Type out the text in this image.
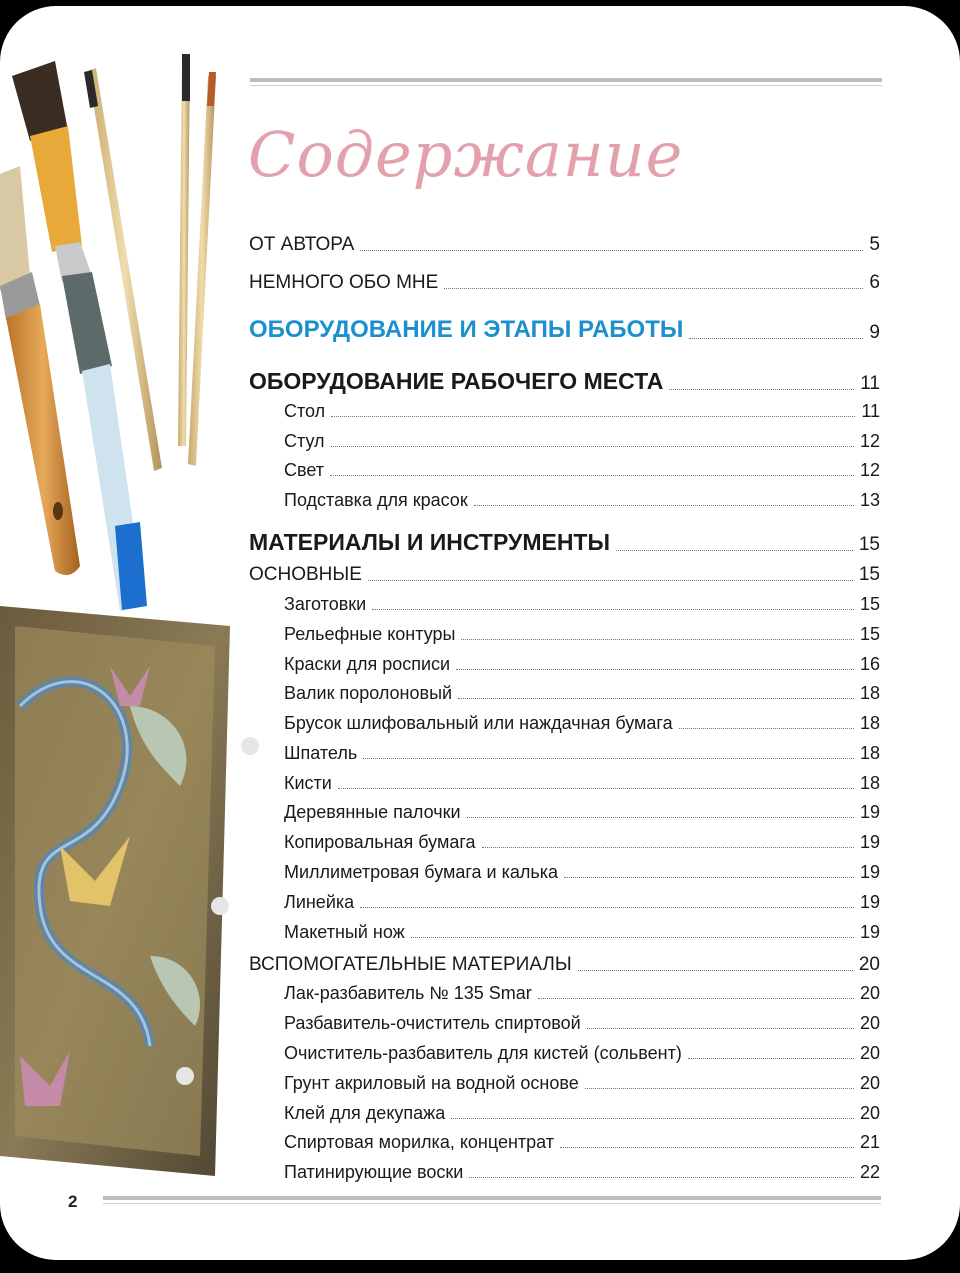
Содержание
ОТ АВТОРА	5
НЕМНОГО ОБО МНЕ	6
ОБОРУДОВАНИЕ И ЭТАПЫ РАБОТЫ	9
ОБОРУДОВАНИЕ РАБОЧЕГО МЕСТА	11
Стол	11
Стул	12
Свет	12
Подставка для красок	13
МАТЕРИАЛЫ И ИНСТРУМЕНТЫ	15
ОСНОВНЫЕ	15
Заготовки	15
Рельефные контуры	15
Краски для росписи	16
Валик поролоновый	18
Брусок шлифовальный или наждачная бумага	18
Шпатель	18
Кисти	18
Деревянные палочки	19
Копировальная бумага	19
Миллиметровая бумага и калька	19
Линейка	19
Макетный нож	19
ВСПОМОГАТЕЛЬНЫЕ МАТЕРИАЛЫ	20
Лак-разбавитель № 135 Smar	20
Разбавитель-очиститель спиртовой	20
Очиститель-разбавитель для кистей (сольвент)	20
Грунт акриловый на водной основе	20
Клей для декупажа	20
Спиртовая морилка, концентрат	21
Патинирующие воски	22
2
